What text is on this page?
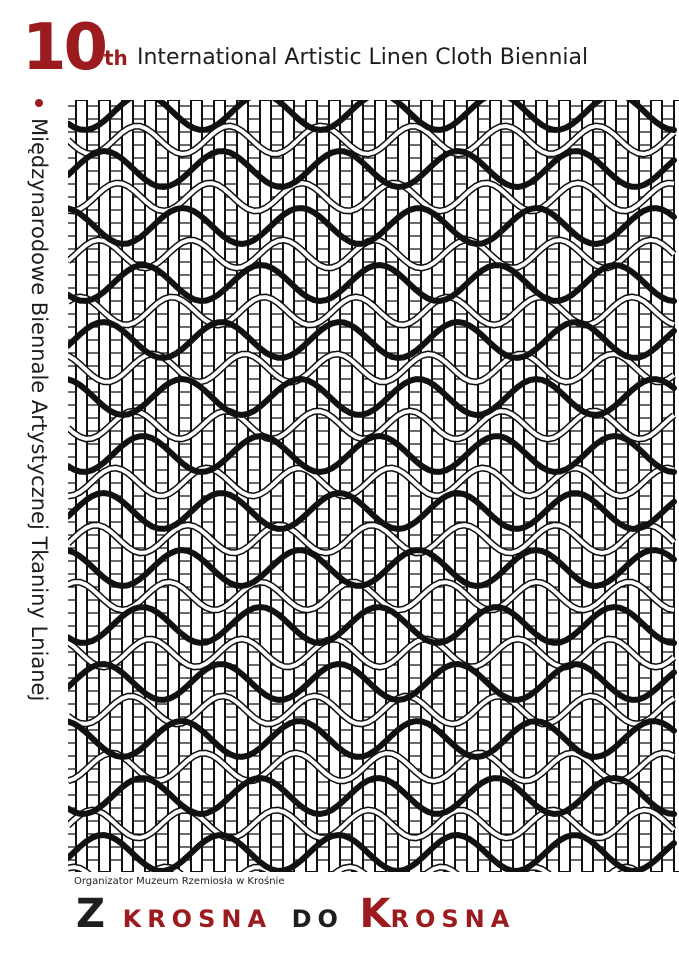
10
th International Artistic Linen Cloth Biennial
Międzynarodowe Biennale Artystycznej Tkaniny Lnianej
Organizator Muzeum Rzemiosła w Krośnie
Z KROSNA DO KROSNA
